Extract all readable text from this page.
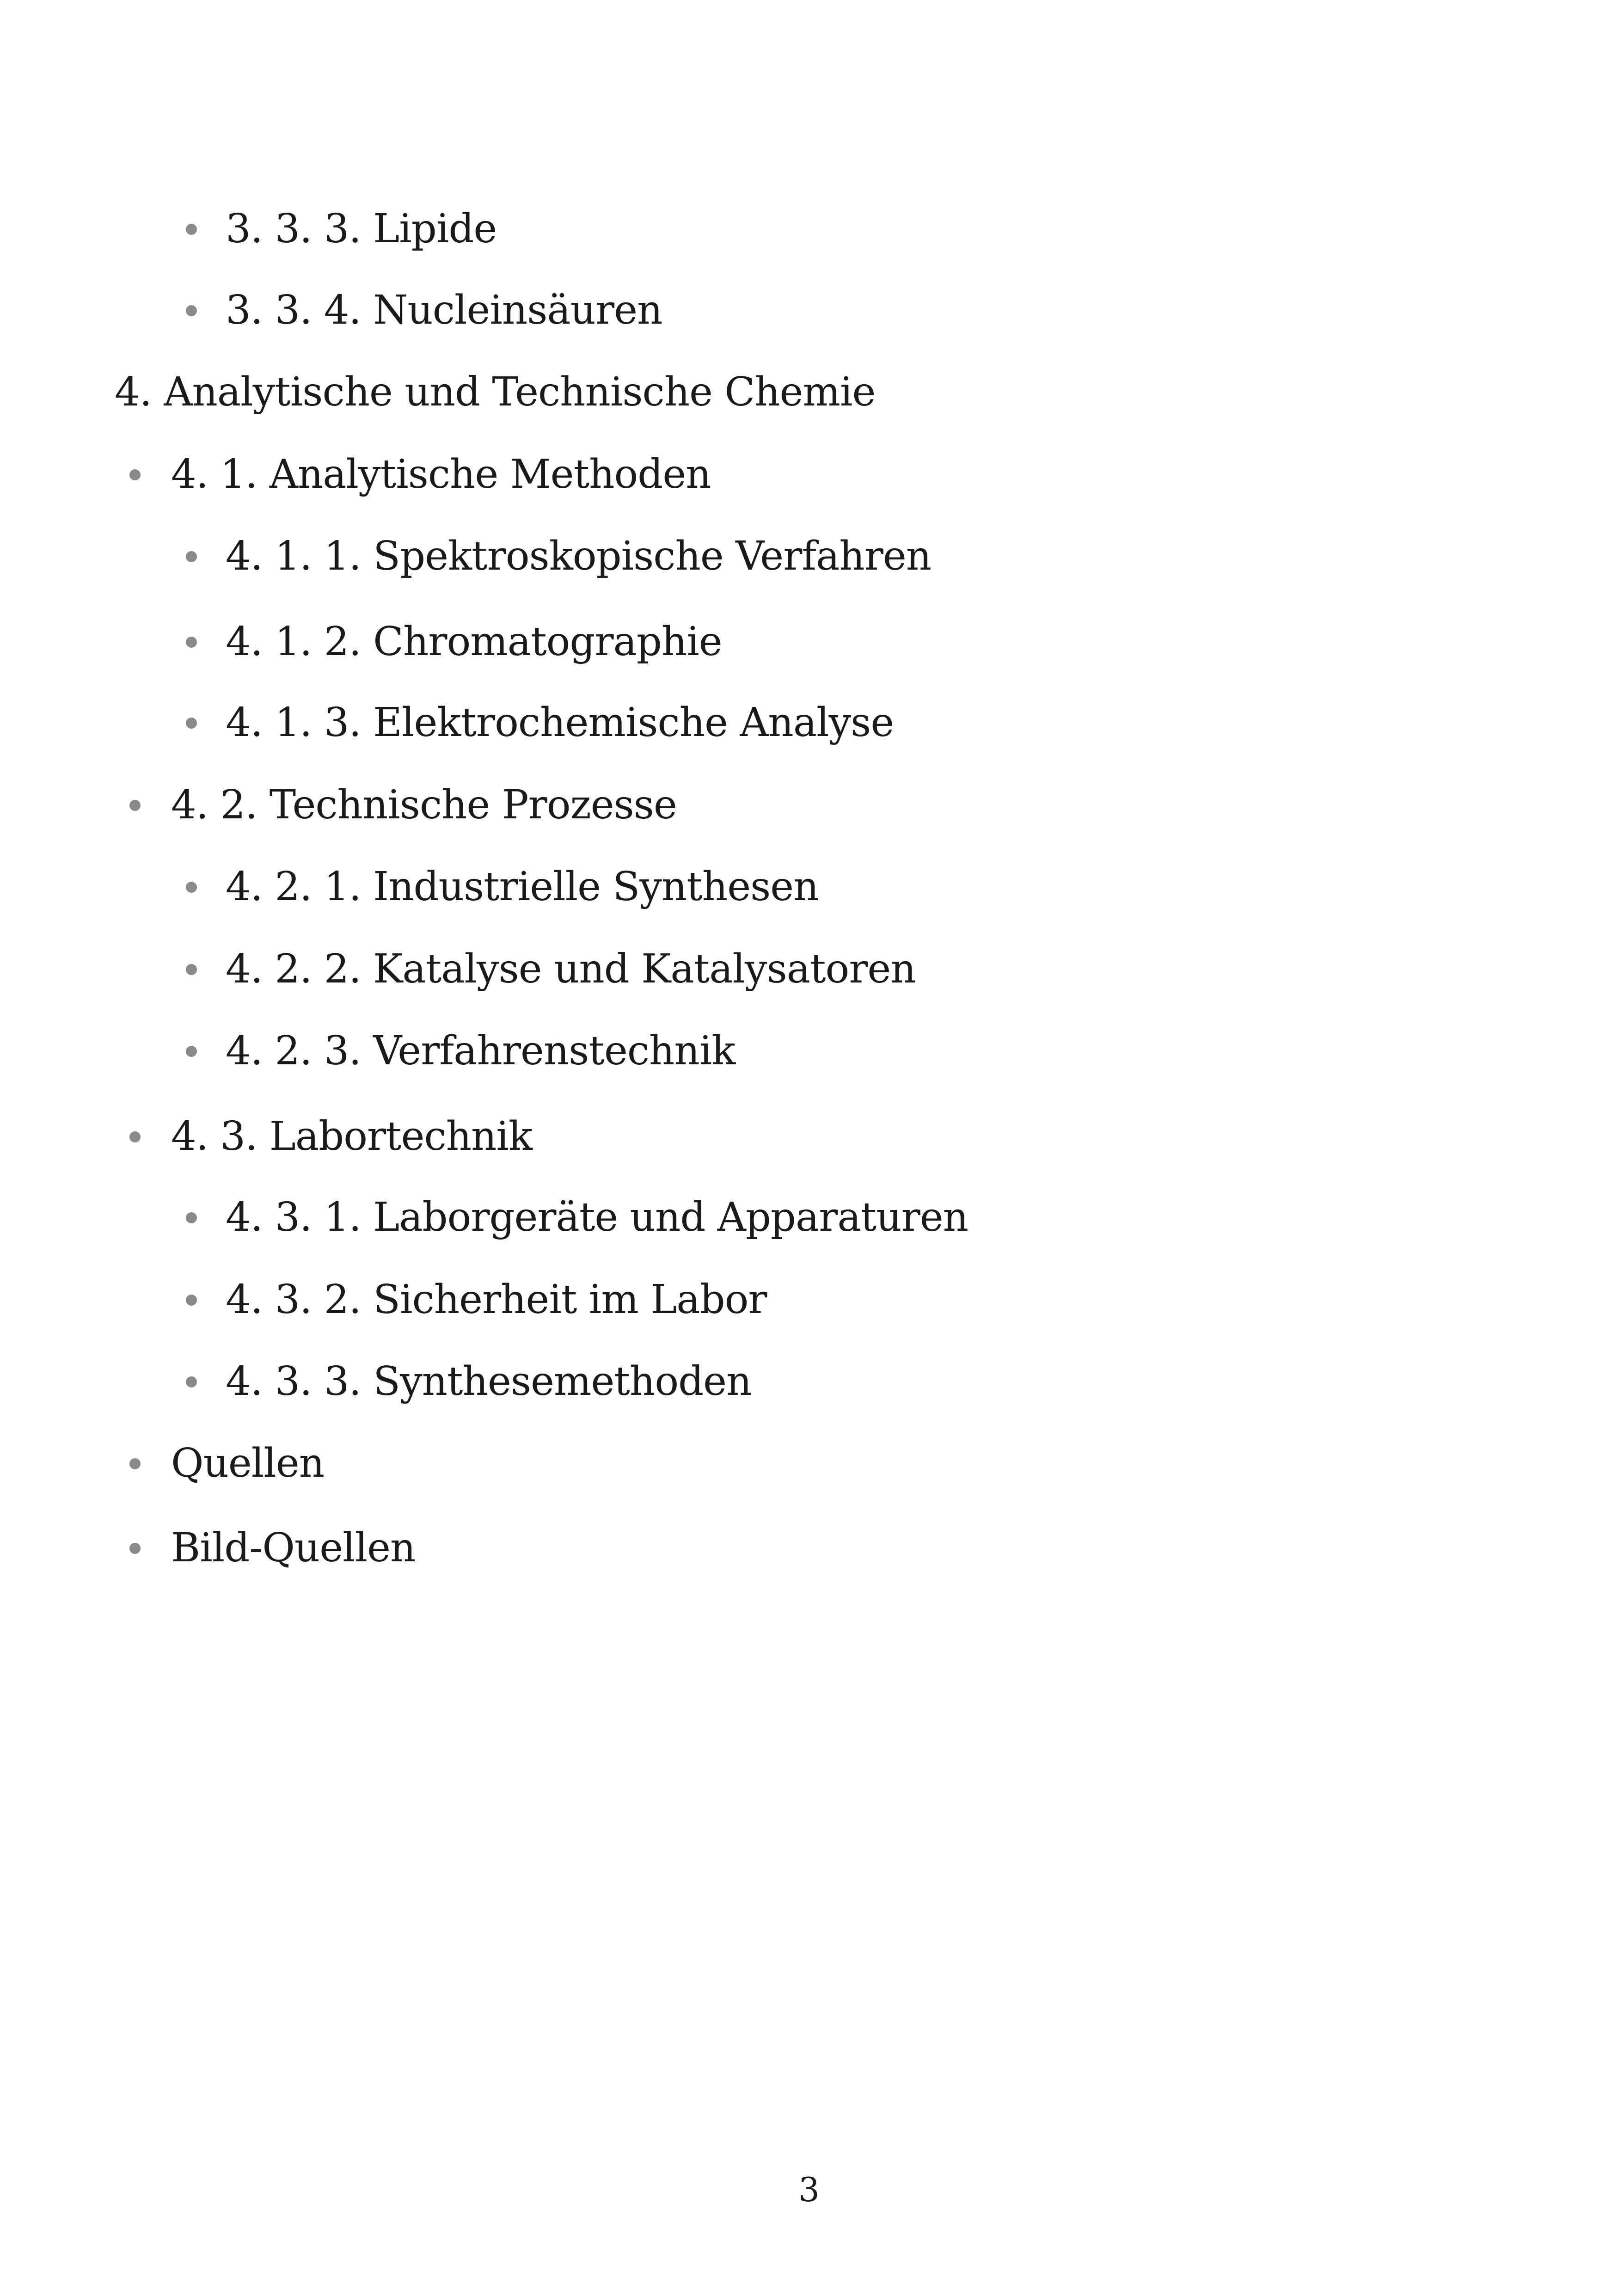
3. 3. 3. Lipide
3. 3. 4. Nucleinsäuren
4. Analytische und Technische Chemie
4. 1. Analytische Methoden
4. 1. 1. Spektroskopische Verfahren
4. 1. 2. Chromatographie
4. 1. 3. Elektrochemische Analyse
4. 2. Technische Prozesse
4. 2. 1. Industrielle Synthesen
4. 2. 2. Katalyse und Katalysatoren
4. 2. 3. Verfahrenstechnik
4. 3. Labortechnik
4. 3. 1. Laborgeräte und Apparaturen
4. 3. 2. Sicherheit im Labor
4. 3. 3. Synthesemethoden
Quellen
Bild-Quellen
3
